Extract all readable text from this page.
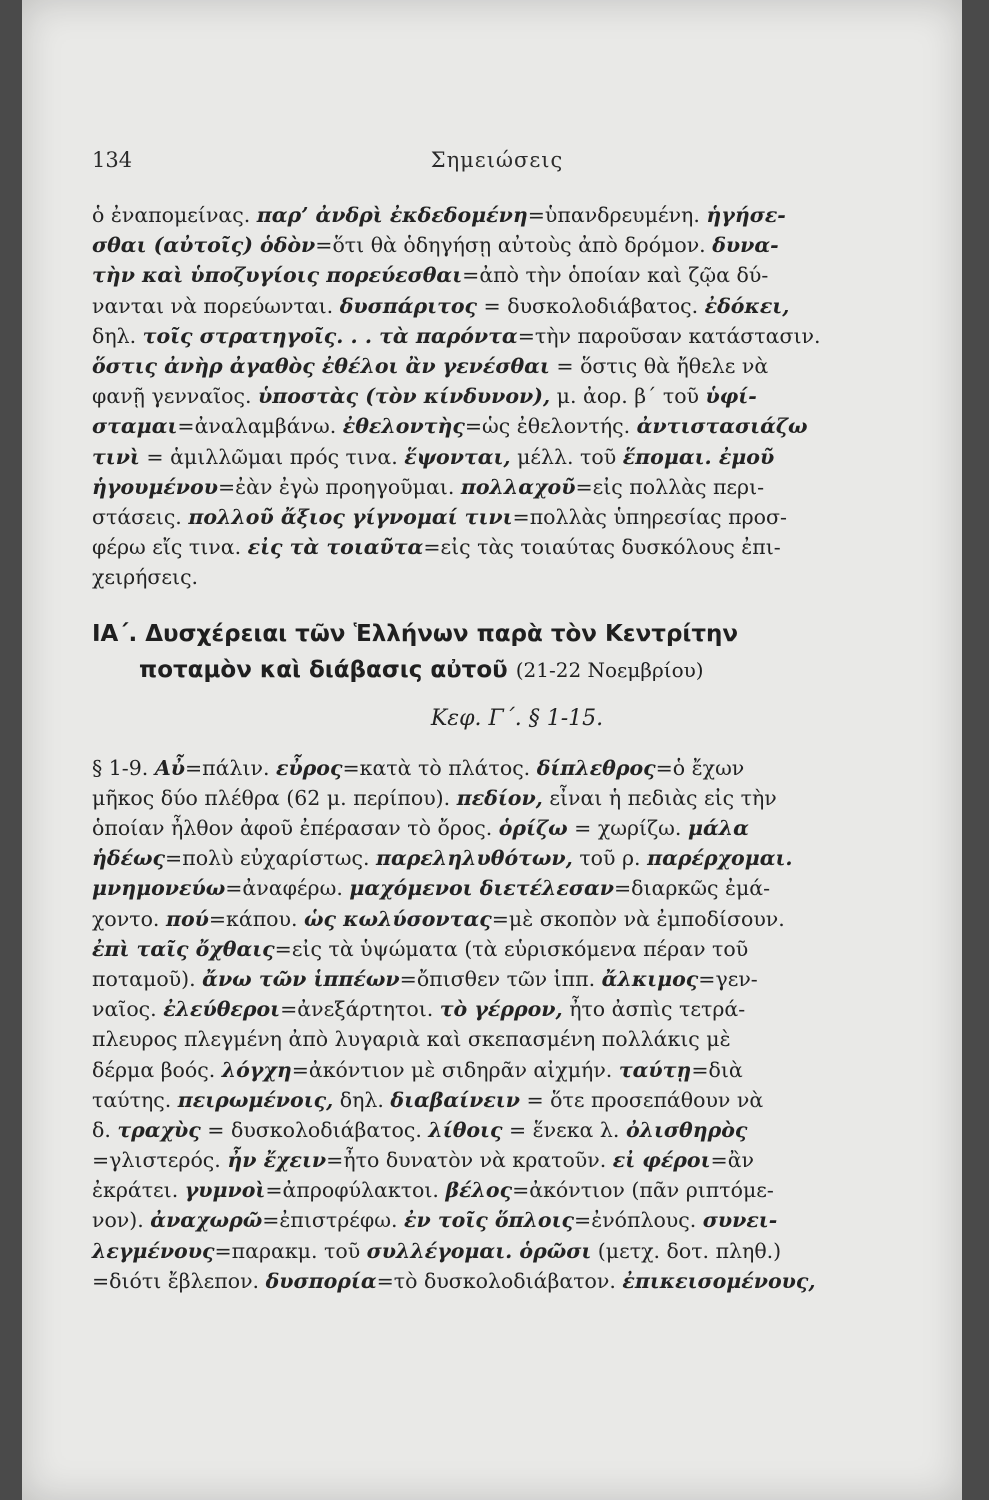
134	Σημειώσεις
ὁ ἐναπομείνας. παρ’ ἀνδρὶ ἐκδεδομένη=ὑπανδρευμένη. ἡγήσε-
σθαι (αὐτοῖς) ὁδὸν=ὅτι θὰ ὁδηγήσῃ αὐτοὺς ἀπὸ δρόμον. δυνα-
τὴν καὶ ὑποζυγίοις πορεύεσθαι=ἀπὸ τὴν ὁποίαν καὶ ζῷα δύ-
νανται νὰ πορεύωνται. δυσπάριτος = δυσκολοδιάβατος. ἐδόκει,
δηλ. τοῖς στρατηγοῖς. . . τὰ παρόντα=τὴν παροῦσαν κατάστασιν.
ὅστις ἀνὴρ ἀγαθὸς ἐθέλοι ἂν γενέσθαι = ὅστις θὰ ἤθελε νὰ
φανῇ γενναῖος. ὑποστὰς (τὸν κίνδυνον), μ. ἀορ. β΄ τοῦ ὑφί-
σταμαι=ἀναλαμβάνω. ἐθελοντὴς=ὡς ἐθελοντής. ἀντιστασιάζω
τινὶ = ἁμιλλῶμαι πρός τινα. ἕψονται, μέλλ. τοῦ ἕπομαι. ἐμοῦ
ἡγουμένου=ἐὰν ἐγὼ προηγοῦμαι. πολλαχοῦ=εἰς πολλὰς περι-
στάσεις. πολλοῦ ἄξιος γίγνομαί τινι=πολλὰς ὑπηρεσίας προσ-
φέρω εἴς τινα. εἰς τὰ τοιαῦτα=εἰς τὰς τοιαύτας δυσκόλους ἐπι-
χειρήσεις.
ΙΑ΄. Δυσχέρειαι τῶν Ἑλλήνων παρὰ τὸν Κεντρίτην
ποταμὸν καὶ διάβασις αὐτοῦ (21-22 Νοεμβρίου)
Κεφ. Γ΄. § 1-15.
§ 1-9. Αὖ=πάλιν. εὖρος=κατὰ τὸ πλάτος. δίπλεθρος=ὁ ἔχων
μῆκος δύο πλέθρα (62 μ. περίπου). πεδίον, εἶναι ἡ πεδιὰς εἰς τὴν
ὁποίαν ἦλθον ἀφοῦ ἐπέρασαν τὸ ὄρος. ὁρίζω = χωρίζω. μάλα
ἡδέως=πολὺ εὐχαρίστως. παρεληλυθότων, τοῦ ρ. παρέρχομαι.
μνημονεύω=ἀναφέρω. μαχόμενοι διετέλεσαν=διαρκῶς ἐμά-
χοντο. πού=κάπου. ὡς κωλύσοντας=μὲ σκοπὸν νὰ ἐμποδίσουν.
ἐπὶ ταῖς ὄχθαις=εἰς τὰ ὑψώματα (τὰ εὑρισκόμενα πέραν τοῦ
ποταμοῦ). ἄνω τῶν ἱππέων=ὄπισθεν τῶν ἱππ. ἄλκιμος=γεν-
ναῖος. ἐλεύθεροι=ἀνεξάρτητοι. τὸ γέρρον, ἦτο ἀσπὶς τετρά-
πλευρος πλεγμένη ἀπὸ λυγαριὰ καὶ σκεπασμένη πολλάκις μὲ
δέρμα βοός. λόγχη=ἀκόντιον μὲ σιδηρᾶν αἰχμήν. ταύτῃ=διὰ
ταύτης. πειρωμένοις, δηλ. διαβαίνειν = ὅτε προσεπάθουν νὰ
δ. τραχὺς = δυσκολοδιάβατος. λίθοις = ἕνεκα λ. ὀλισθηρὸς
=γλιστερός. ἦν ἔχειν=ἦτο δυνατὸν νὰ κρατοῦν. εἰ φέροι=ἂν
ἐκράτει. γυμνοὶ=ἀπροφύλακτοι. βέλος=ἀκόντιον (πᾶν ριπτόμε-
νον). ἀναχωρῶ=ἐπιστρέφω. ἐν τοῖς ὅπλοις=ἐνόπλους. συνει-
λεγμένους=παρακμ. τοῦ συλλέγομαι. ὁρῶσι (μετχ. δοτ. πληθ.)
=διότι ἔβλεπον. δυσπορία=τὸ δυσκολοδιάβατον. ἐπικεισομένους,
